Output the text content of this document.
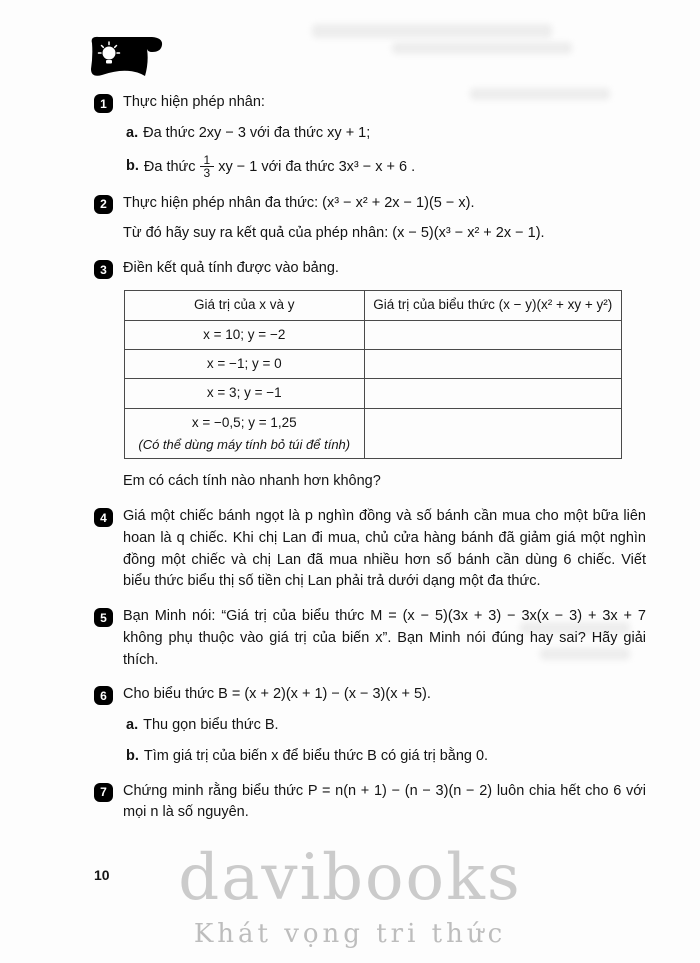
1	Thực hiện phép nhân:
a. Đa thức 2xy − 3 với đa thức xy + 1;
b. Đa thức $\frac{1}{3}$ xy − 1 với đa thức 3x³ − x + 6 .
2	Thực hiện phép nhân đa thức: (x³ − x² + 2x − 1)(5 − x).
Từ đó hãy suy ra kết quả của phép nhân: (x − 5)(x³ − x² + 2x − 1).
3	Điền kết quả tính được vào bảng.
Giá trị của x và y	Giá trị của biểu thức (x − y)(x² + xy + y²)
x = 10; y = −2	
x = −1; y = 0	
x = 3; y = −1	

x = −0,5; y = 1,25
(Có thể dùng máy tính bỏ túi để tính)	

Em có cách tính nào nhanh hơn không?
4	Giá một chiếc bánh ngọt là p nghìn đồng và số bánh cần mua cho một bữa liên hoan là q chiếc. Khi chị Lan đi mua, chủ cửa hàng bánh đã giảm giá một nghìn đồng một chiếc và chị Lan đã mua nhiều hơn số bánh cần dùng 6 chiếc. Viết biểu thức biểu thị số tiền chị Lan phải trả dưới dạng một đa thức.
5	Bạn Minh nói: “Giá trị của biểu thức M = (x − 5)(3x + 3) − 3x(x − 3) + 3x + 7 không phụ thuộc vào giá trị của biến x”. Bạn Minh nói đúng hay sai? Hãy giải thích.
6	Cho biểu thức B = (x + 2)(x + 1) − (x − 3)(x + 5).
a. Thu gọn biểu thức B.
b. Tìm giá trị của biến x để biểu thức B có giá trị bằng 0.
7	Chứng minh rằng biểu thức P = n(n + 1) − (n − 3)(n − 2) luôn chia hết cho 6 với mọi n là số nguyên.
10	davibooks
Khát vọng tri thức
